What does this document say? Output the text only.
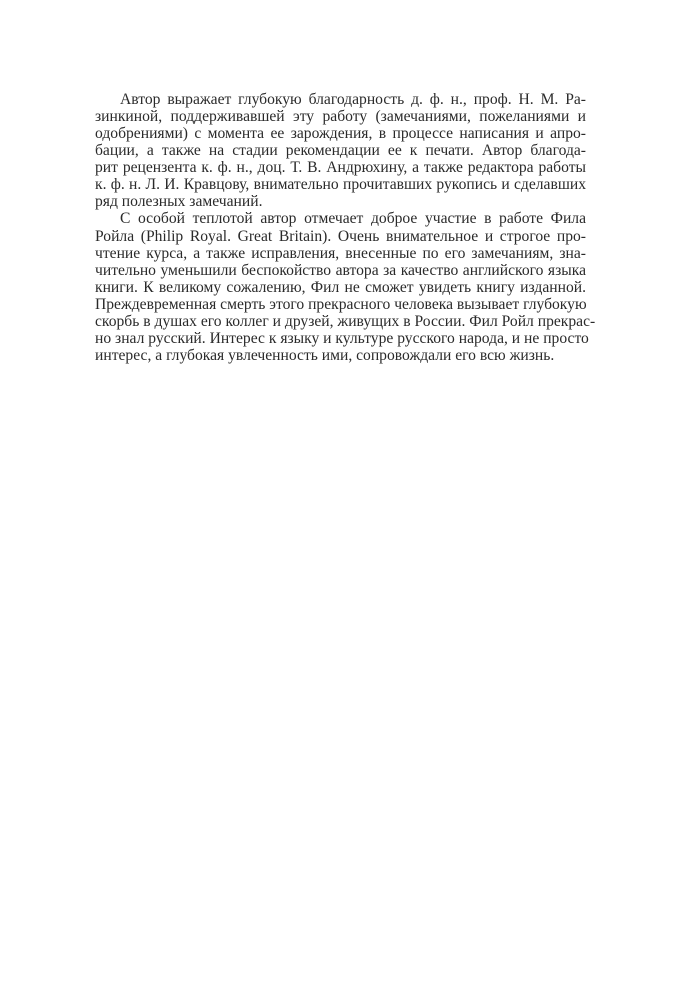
Автор выражает глубокую благодарность д. ф. н., проф. Н. М. Ра-
зинкиной, поддерживавшей эту работу (замечаниями, пожеланиями и
одобрениями) с момента ее зарождения, в процессе написания и апро-
бации, а также на стадии рекомендации ее к печати. Автор благода-
рит рецензента к. ф. н., доц. Т. В. Андрюхину, а также редактора работы
к. ф. н. Л. И. Кравцову, внимательно прочитавших рукопись и сделавших
ряд полезных замечаний.
С особой теплотой автор отмечает доброе участие в работе Фила
Ройла (Philip Royal. Great Britain). Очень внимательное и строгое про-
чтение курса, а также исправления, внесенные по его замечаниям, зна-
чительно уменьшили беспокойство автора за качество английского языка
книги. К великому сожалению, Фил не сможет увидеть книгу изданной.
Преждевременная смерть этого прекрасного человека вызывает глубокую
скорбь в душах его коллег и друзей, живущих в России. Фил Ройл прекрас-
но знал русский. Интерес к языку и культуре русского народа, и не просто
интерес, а глубокая увлеченность ими, сопровождали его всю жизнь.
